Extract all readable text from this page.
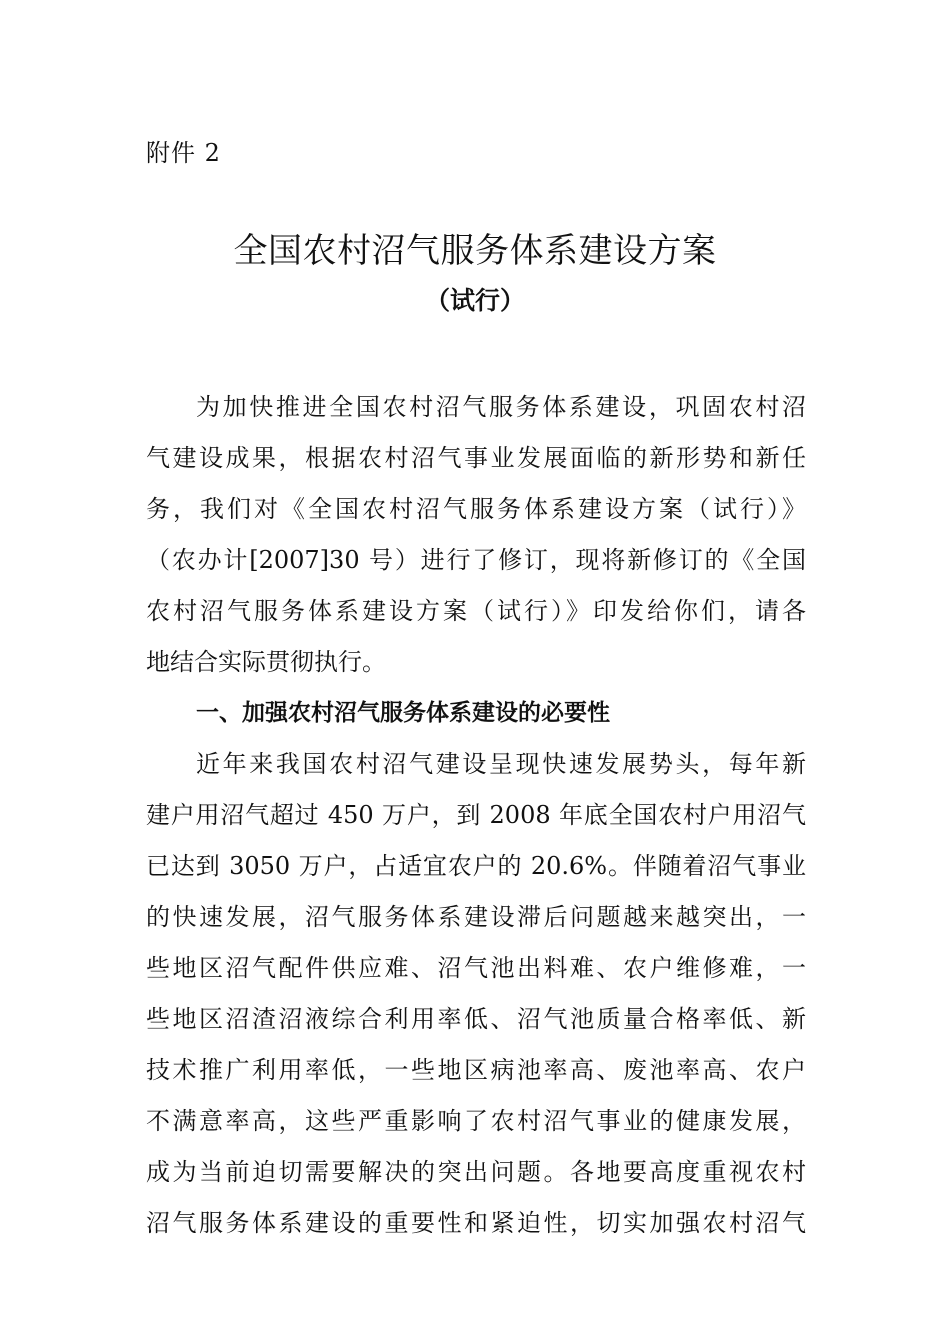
附件 2
全国农村沼气服务体系建设方案
（试行）
为加快推进全国农村沼气服务体系建设，巩固农村沼
气建设成果，根据农村沼气事业发展面临的新形势和新任
务，我们对《全国农村沼气服务体系建设方案（试行）》
（农办计[2007]30 号）进行了修订，现将新修订的《全国
农村沼气服务体系建设方案（试行）》印发给你们，请各
地结合实际贯彻执行。
一、加强农村沼气服务体系建设的必要性
近年来我国农村沼气建设呈现快速发展势头，每年新
建户用沼气超过 450 万户，到 2008 年底全国农村户用沼气
已达到 3050 万户，占适宜农户的 20.6%。伴随着沼气事业
的快速发展，沼气服务体系建设滞后问题越来越突出，一
些地区沼气配件供应难、沼气池出料难、农户维修难，一
些地区沼渣沼液综合利用率低、沼气池质量合格率低、新
技术推广利用率低，一些地区病池率高、废池率高、农户
不满意率高，这些严重影响了农村沼气事业的健康发展，
成为当前迫切需要解决的突出问题。各地要高度重视农村
沼气服务体系建设的重要性和紧迫性，切实加强农村沼气
